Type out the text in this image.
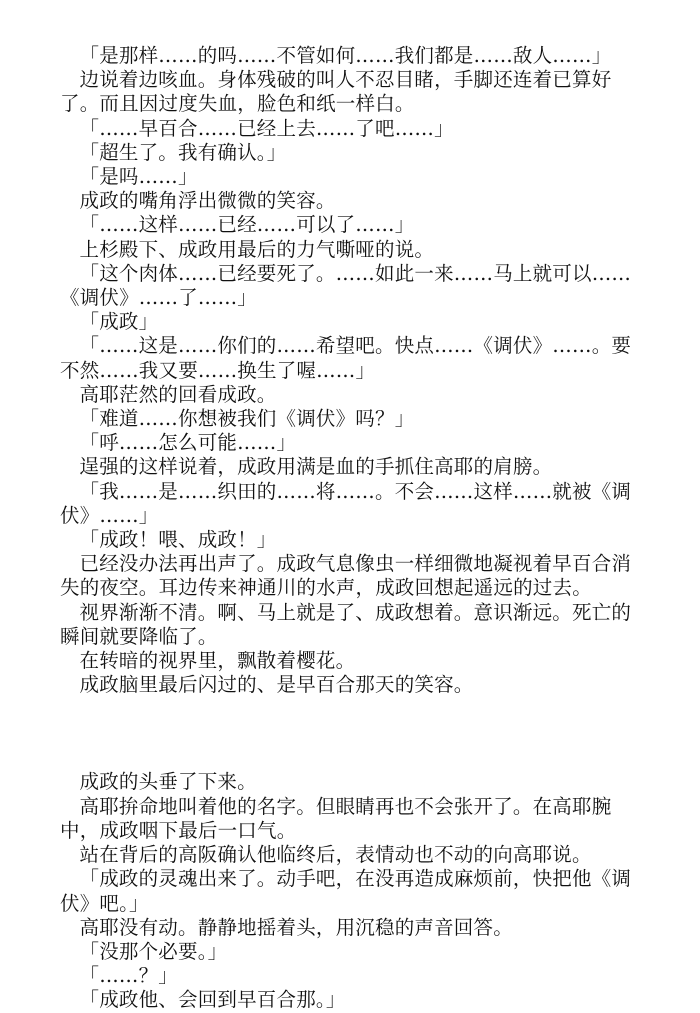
「是那样……的吗……不管如何……我们都是……敌人……」

边说着边咳血。身体残破的叫人不忍目睹，手脚还连着已算好了。而且因过度失血，脸色和纸一样白。

「……早百合……已经上去……了吧……」

「超生了。我有确认。」

「是吗……」

成政的嘴角浮出微微的笑容。

「……这样……已经……可以了……」

上杉殿下、成政用最后的力气嘶哑的说。

「这个肉体……已经要死了。……如此一来……马上就可以……《调伏》……了……」

「成政」

「……这是……你们的……希望吧。快点……《调伏》……。要不然……我又要……换生了喔……」

高耶茫然的回看成政。

「难道……你想被我们《调伏》吗？」

「呼……怎么可能……」

逞强的这样说着，成政用满是血的手抓住高耶的肩膀。

「我……是……织田的……将……。不会……这样……就被《调伏》……」

「成政！喂、成政！」

已经没办法再出声了。成政气息像虫一样细微地凝视着早百合消失的夜空。耳边传来神通川的水声，成政回想起遥远的过去。

视界渐渐不清。啊、马上就是了、成政想着。意识渐远。死亡的瞬间就要降临了。

在转暗的视界里，飘散着樱花。

成政脑里最后闪过的、是早百合那天的笑容。

成政的头垂了下来。

高耶拚命地叫着他的名字。但眼睛再也不会张开了。在高耶腕中，成政咽下最后一口气。

站在背后的高阪确认他临终后，表情动也不动的向高耶说。

「成政的灵魂出来了。动手吧，在没再造成麻烦前，快把他《调伏》吧。」

高耶没有动。静静地摇着头，用沉稳的声音回答。

「没那个必要。」

「……？」

「成政他、会回到早百合那。」
